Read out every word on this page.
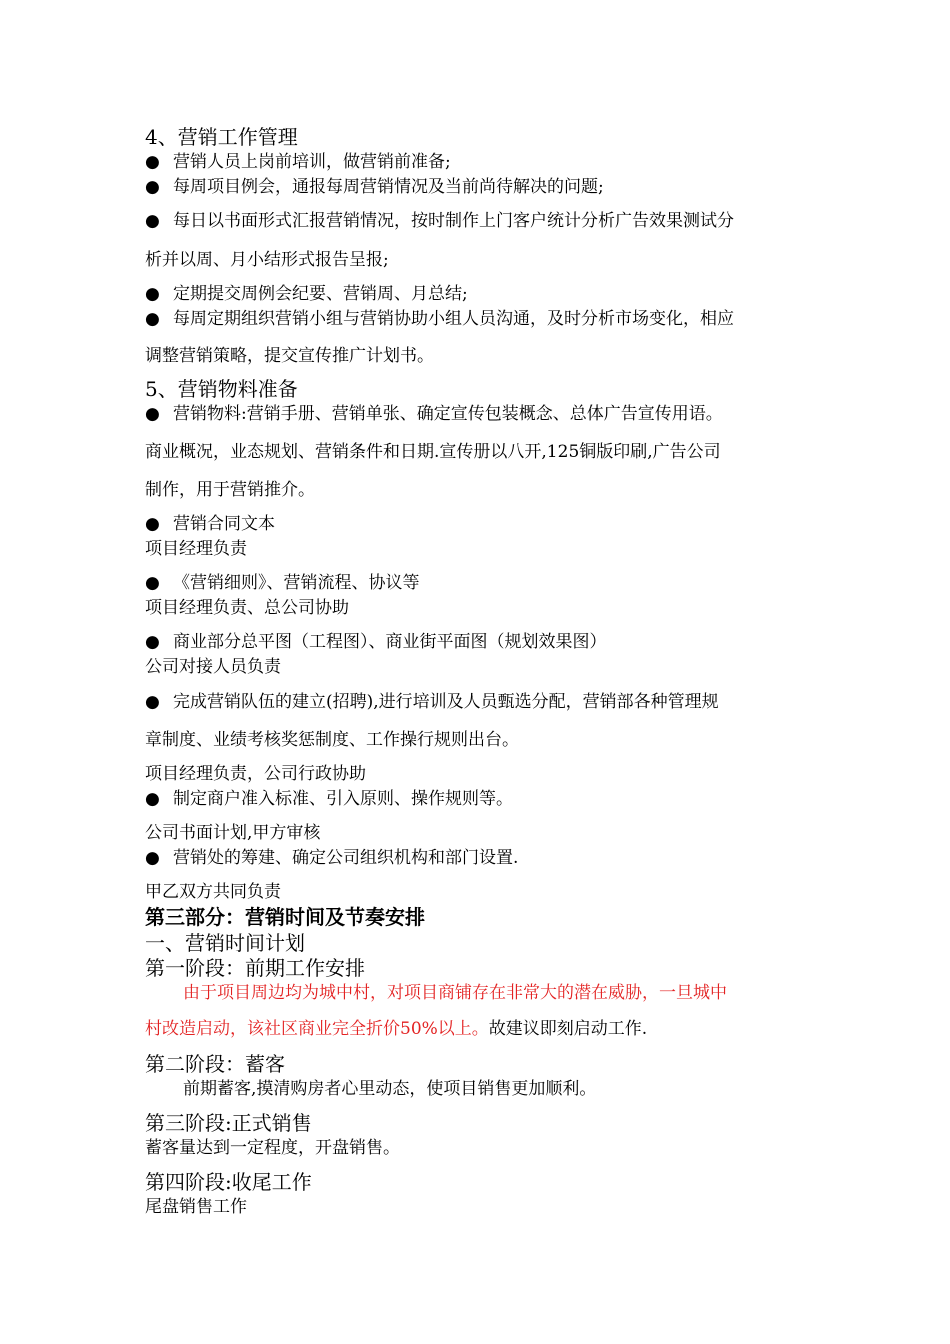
4、营销工作管理
● 营销人员上岗前培训，做营销前准备;
● 每周项目例会，通报每周营销情况及当前尚待解决的问题;
● 每日以书面形式汇报营销情况，按时制作上门客户统计分析广告效果测试分
析并以周、月小结形式报告呈报;
● 定期提交周例会纪要、营销周、月总结;
● 每周定期组织营销小组与营销协助小组人员沟通，及时分析市场变化，相应
调整营销策略，提交宣传推广计划书。
5、营销物料准备
● 营销物料:营销手册、营销单张、确定宣传包装概念、总体广告宣传用语。
商业概况，业态规划、营销条件和日期.宣传册以八开,125铜版印刷,广告公司
制作，用于营销推介。
● 营销合同文本
项目经理负责
● 《营销细则》、营销流程、协议等
项目经理负责、总公司协助
● 商业部分总平图（工程图）、商业街平面图（规划效果图）
公司对接人员负责
● 完成营销队伍的建立(招聘),进行培训及人员甄选分配，营销部各种管理规
章制度、业绩考核奖惩制度、工作操行规则出台。
项目经理负责，公司行政协助
● 制定商户准入标准、引入原则、操作规则等。
公司书面计划,甲方审核
● 营销处的筹建、确定公司组织机构和部门设置.
甲乙双方共同负责
第三部分：营销时间及节奏安排
一、营销时间计划
第一阶段：前期工作安排
由于项目周边均为城中村，对项目商铺存在非常大的潜在威胁，一旦城中
村改造启动，该社区商业完全折价50%以上。故建议即刻启动工作.
第二阶段：蓄客
前期蓄客,摸清购房者心里动态，使项目销售更加顺利。
第三阶段:正式销售
蓄客量达到一定程度，开盘销售。
第四阶段:收尾工作
尾盘销售工作
